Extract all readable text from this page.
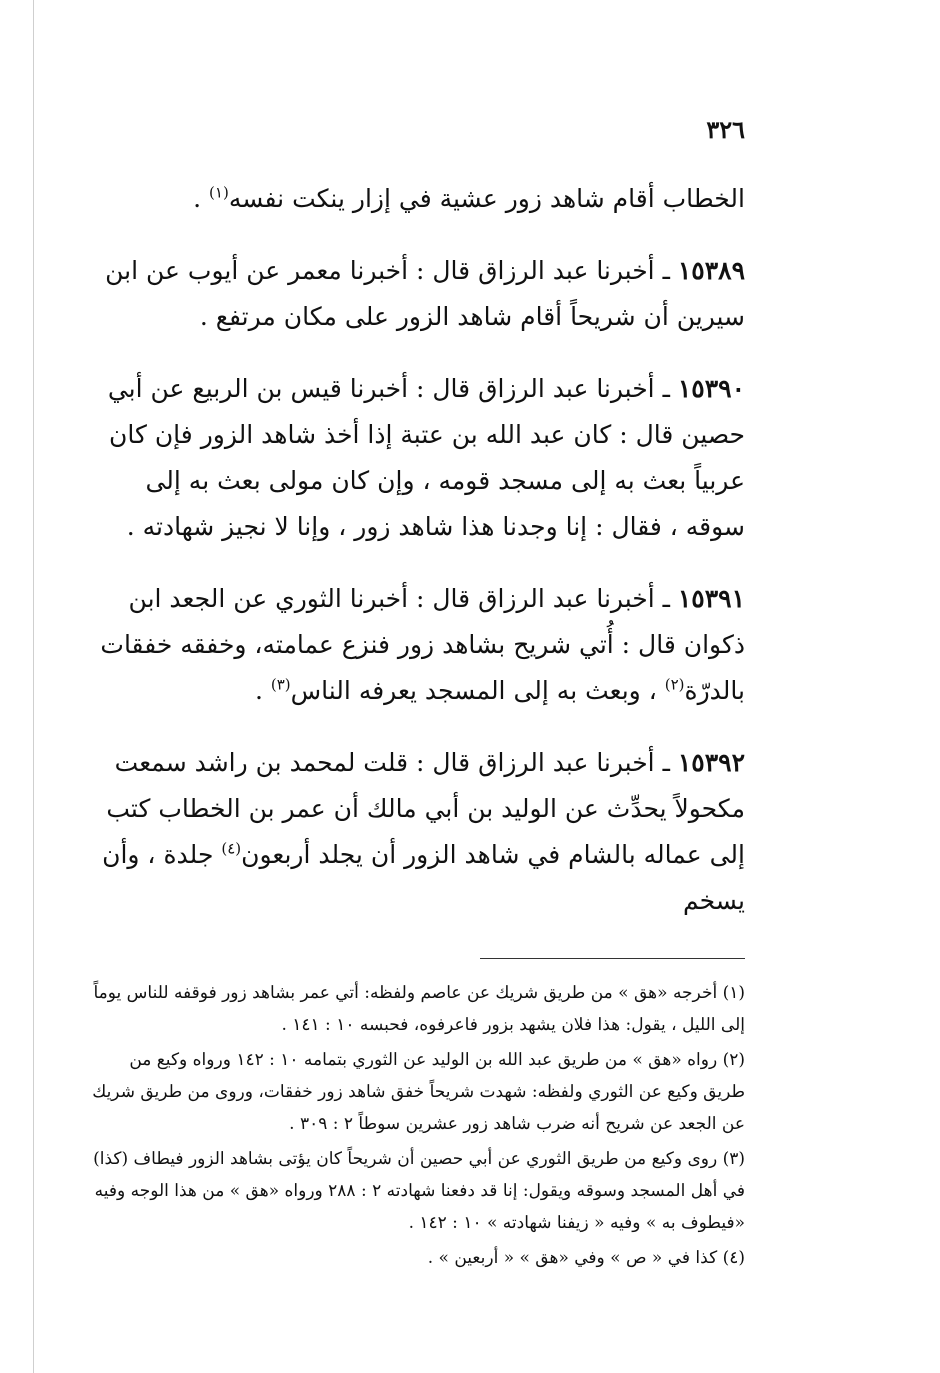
٣٢٦

الخطاب أقام شاهد زور عشية في إزار ينكت نفسه$^{(١)}$ .

١٥٣٨٩ ـ أخبرنا عبد الرزاق قال : أخبرنا معمر عن أيوب عن ابن سيرين أن شريحاً أقام شاهد الزور على مكان مرتفع .

١٥٣٩٠ ـ أخبرنا عبد الرزاق قال : أخبرنا قيس بن الربيع عن أبي حصين قال : كان عبد الله بن عتبة إذا أخذ شاهد الزور فإن كان عربياً بعث به إلى مسجد قومه ، وإن كان مولى بعث به إلى سوقه ، فقال : إنا وجدنا هذا شاهد زور ، وإنا لا نجيز شهادته .

١٥٣٩١ ـ أخبرنا عبد الرزاق قال : أخبرنا الثوري عن الجعد ابن ذكوان قال : أُتي شريح بشاهد زور فنزع عمامته، وخفقه خفقات بالدرّة$^{(٢)}$ ، وبعث به إلى المسجد يعرفه الناس$^{(٣)}$ .

١٥٣٩٢ ـ أخبرنا عبد الرزاق قال : قلت لمحمد بن راشد سمعت مكحولاً يحدِّث عن الوليد بن أبي مالك أن عمر بن الخطاب كتب إلى عماله بالشام في شاهد الزور أن يجلد أربعون$^{(٤)}$ جلدة ، وأن يسخم

(١) أخرجه «هق » من طريق شريك عن عاصم ولفظه: أتي عمر بشاهد زور فوقفه للناس يوماً إلى الليل ، يقول: هذا فلان يشهد بزور فاعرفوه، فحبسه ١٠ : ١٤١ .

(٢) رواه «هق » من طريق عبد الله بن الوليد عن الثوري بتمامه ١٠ : ١٤٢ ورواه وكيع من طريق وكيع عن الثوري ولفظه: شهدت شريحاً خفق شاهد زور خفقات، وروى من طريق شريك عن الجعد عن شريح أنه ضرب شاهد زور عشرين سوطاً ٢ : ٣٠٩ .

(٣) روى وكيع من طريق الثوري عن أبي حصين أن شريحاً كان يؤتى بشاهد الزور فيطاف (كذا) في أهل المسجد وسوقه ويقول: إنا قد دفعنا شهادته ٢ : ٢٨٨ ورواه «هق » من هذا الوجه وفيه «فيطوف به » وفيه « زيفنا شهادته » ١٠ : ١٤٢ .

(٤) كذا في « ص » وفي «هق » « أربعين » .
